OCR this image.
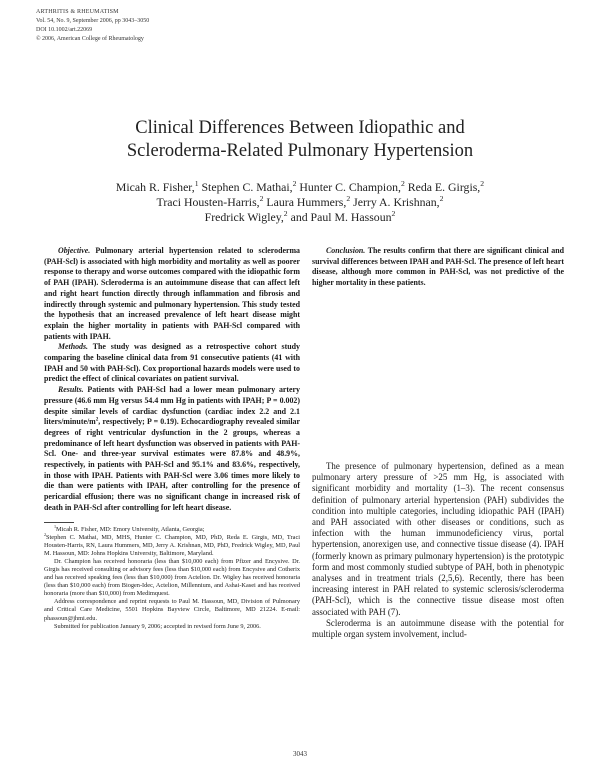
ARTHRITIS & RHEUMATISM
Vol. 54, No. 9, September 2006, pp 3043–3050
DOI 10.1002/art.22069
© 2006, American College of Rheumatology
Clinical Differences Between Idiopathic and
Scleroderma-Related Pulmonary Hypertension
Micah R. Fisher,$^1$ Stephen C. Mathai,$^2$ Hunter C. Champion,$^2$ Reda E. Girgis,$^2$
Traci Housten-Harris,$^2$ Laura Hummers,$^2$ Jerry A. Krishnan,$^2$
Fredrick Wigley,$^2$ and Paul M. Hassoun$^2$

Objective. Pulmonary arterial hypertension related to scleroderma (PAH-Scl) is associated with high morbidity and mortality as well as poorer response to therapy and worse outcomes compared with the idiopathic form of PAH (IPAH). Scleroderma is an autoimmune disease that can affect left and right heart function directly through inflammation and fibrosis and indirectly through systemic and pulmonary hypertension. This study tested the hypothesis that an increased prevalence of left heart disease might explain the higher mortality in patients with PAH-Scl compared with patients with IPAH.

Methods. The study was designed as a retrospective cohort study comparing the baseline clinical data from 91 consecutive patients (41 with IPAH and 50 with PAH-Scl). Cox proportional hazards models were used to predict the effect of clinical covariates on patient survival.

Results. Patients with PAH-Scl had a lower mean pulmonary artery pressure (46.6 mm Hg versus 54.4 mm Hg in patients with IPAH; P = 0.002) despite similar levels of cardiac dysfunction (cardiac index 2.2 and 2.1 liters/$minute/m^2$, respectively; P = 0.19). Echocardiography revealed similar degrees of right ventricular dysfunction in the 2 groups, whereas a predominance of left heart dysfunction was observed in patients with PAH-Scl. One- and three-year survival estimates were 87.8% and 48.9%, respectively, in patients with PAH-Scl and 95.1% and 83.6%, respectively, in those with IPAH. Patients with PAH-Scl were 3.06 times more likely to die than were patients with IPAH, after controlling for the presence of pericardial effusion; there was no significant change in increased risk of death in PAH-Scl after controlling for left heart disease.

Conclusion. The results confirm that there are significant clinical and survival differences between IPAH and PAH-Scl. The presence of left heart disease, although more common in PAH-Scl, was not predictive of the higher mortality in these patients.

The presence of pulmonary hypertension, defined as a mean pulmonary artery pressure of >25 mm Hg, is associated with significant morbidity and mortality (1–3). The recent consensus definition of pulmonary arterial hypertension (PAH) subdivides the condition into multiple categories, including idiopathic PAH (IPAH) and PAH associated with other diseases or conditions, such as infection with the human immunodeficiency virus, portal hypertension, anorexigen use, and connective tissue disease (4). IPAH (formerly known as primary pulmonary hypertension) is the prototypic form and most commonly studied subtype of PAH, both in phenotypic analyses and in treatment trials (2,5,6). Recently, there has been increasing interest in PAH related to systemic sclerosis/scleroderma (PAH-Scl), which is the connective tissue disease most often associated with PAH (7).

Scleroderma is an autoimmune disease with the potential for multiple organ system involvement, includ-

$^1$Micah R. Fisher, MD: Emory University, Atlanta, Georgia;

$^2$Stephen C. Mathai, MD, MHS, Hunter C. Champion, MD, PhD, Reda E. Girgis, MD, Traci Housten-Harris, RN, Laura Hummers, MD, Jerry A. Krishnan, MD, PhD, Fredrick Wigley, MD, Paul M. Hassoun, MD: Johns Hopkins University, Baltimore, Maryland.

Dr. Champion has received honoraria (less than $10,000 each) from Pfizer and Encysive. Dr. Girgis has received consulting or advisory fees (less than $10,000 each) from Encysive and Cotherix and has received speaking fees (less than $10,000) from Actelion. Dr. Wigley has received honoraria (less than $10,000 each) from Biogen-Idec, Actelion, Millennium, and Ashai-Kasei and has received honoraria (more than $10,000) from Medimquest.

Address correspondence and reprint requests to Paul M. Hassoun, MD, Division of Pulmonary and Critical Care Medicine, 5501 Hopkins Bayview Circle, Baltimore, MD 21224. E-mail: phassoun@jhmi.edu.

Submitted for publication January 9, 2006; accepted in revised form June 9, 2006.

3043
